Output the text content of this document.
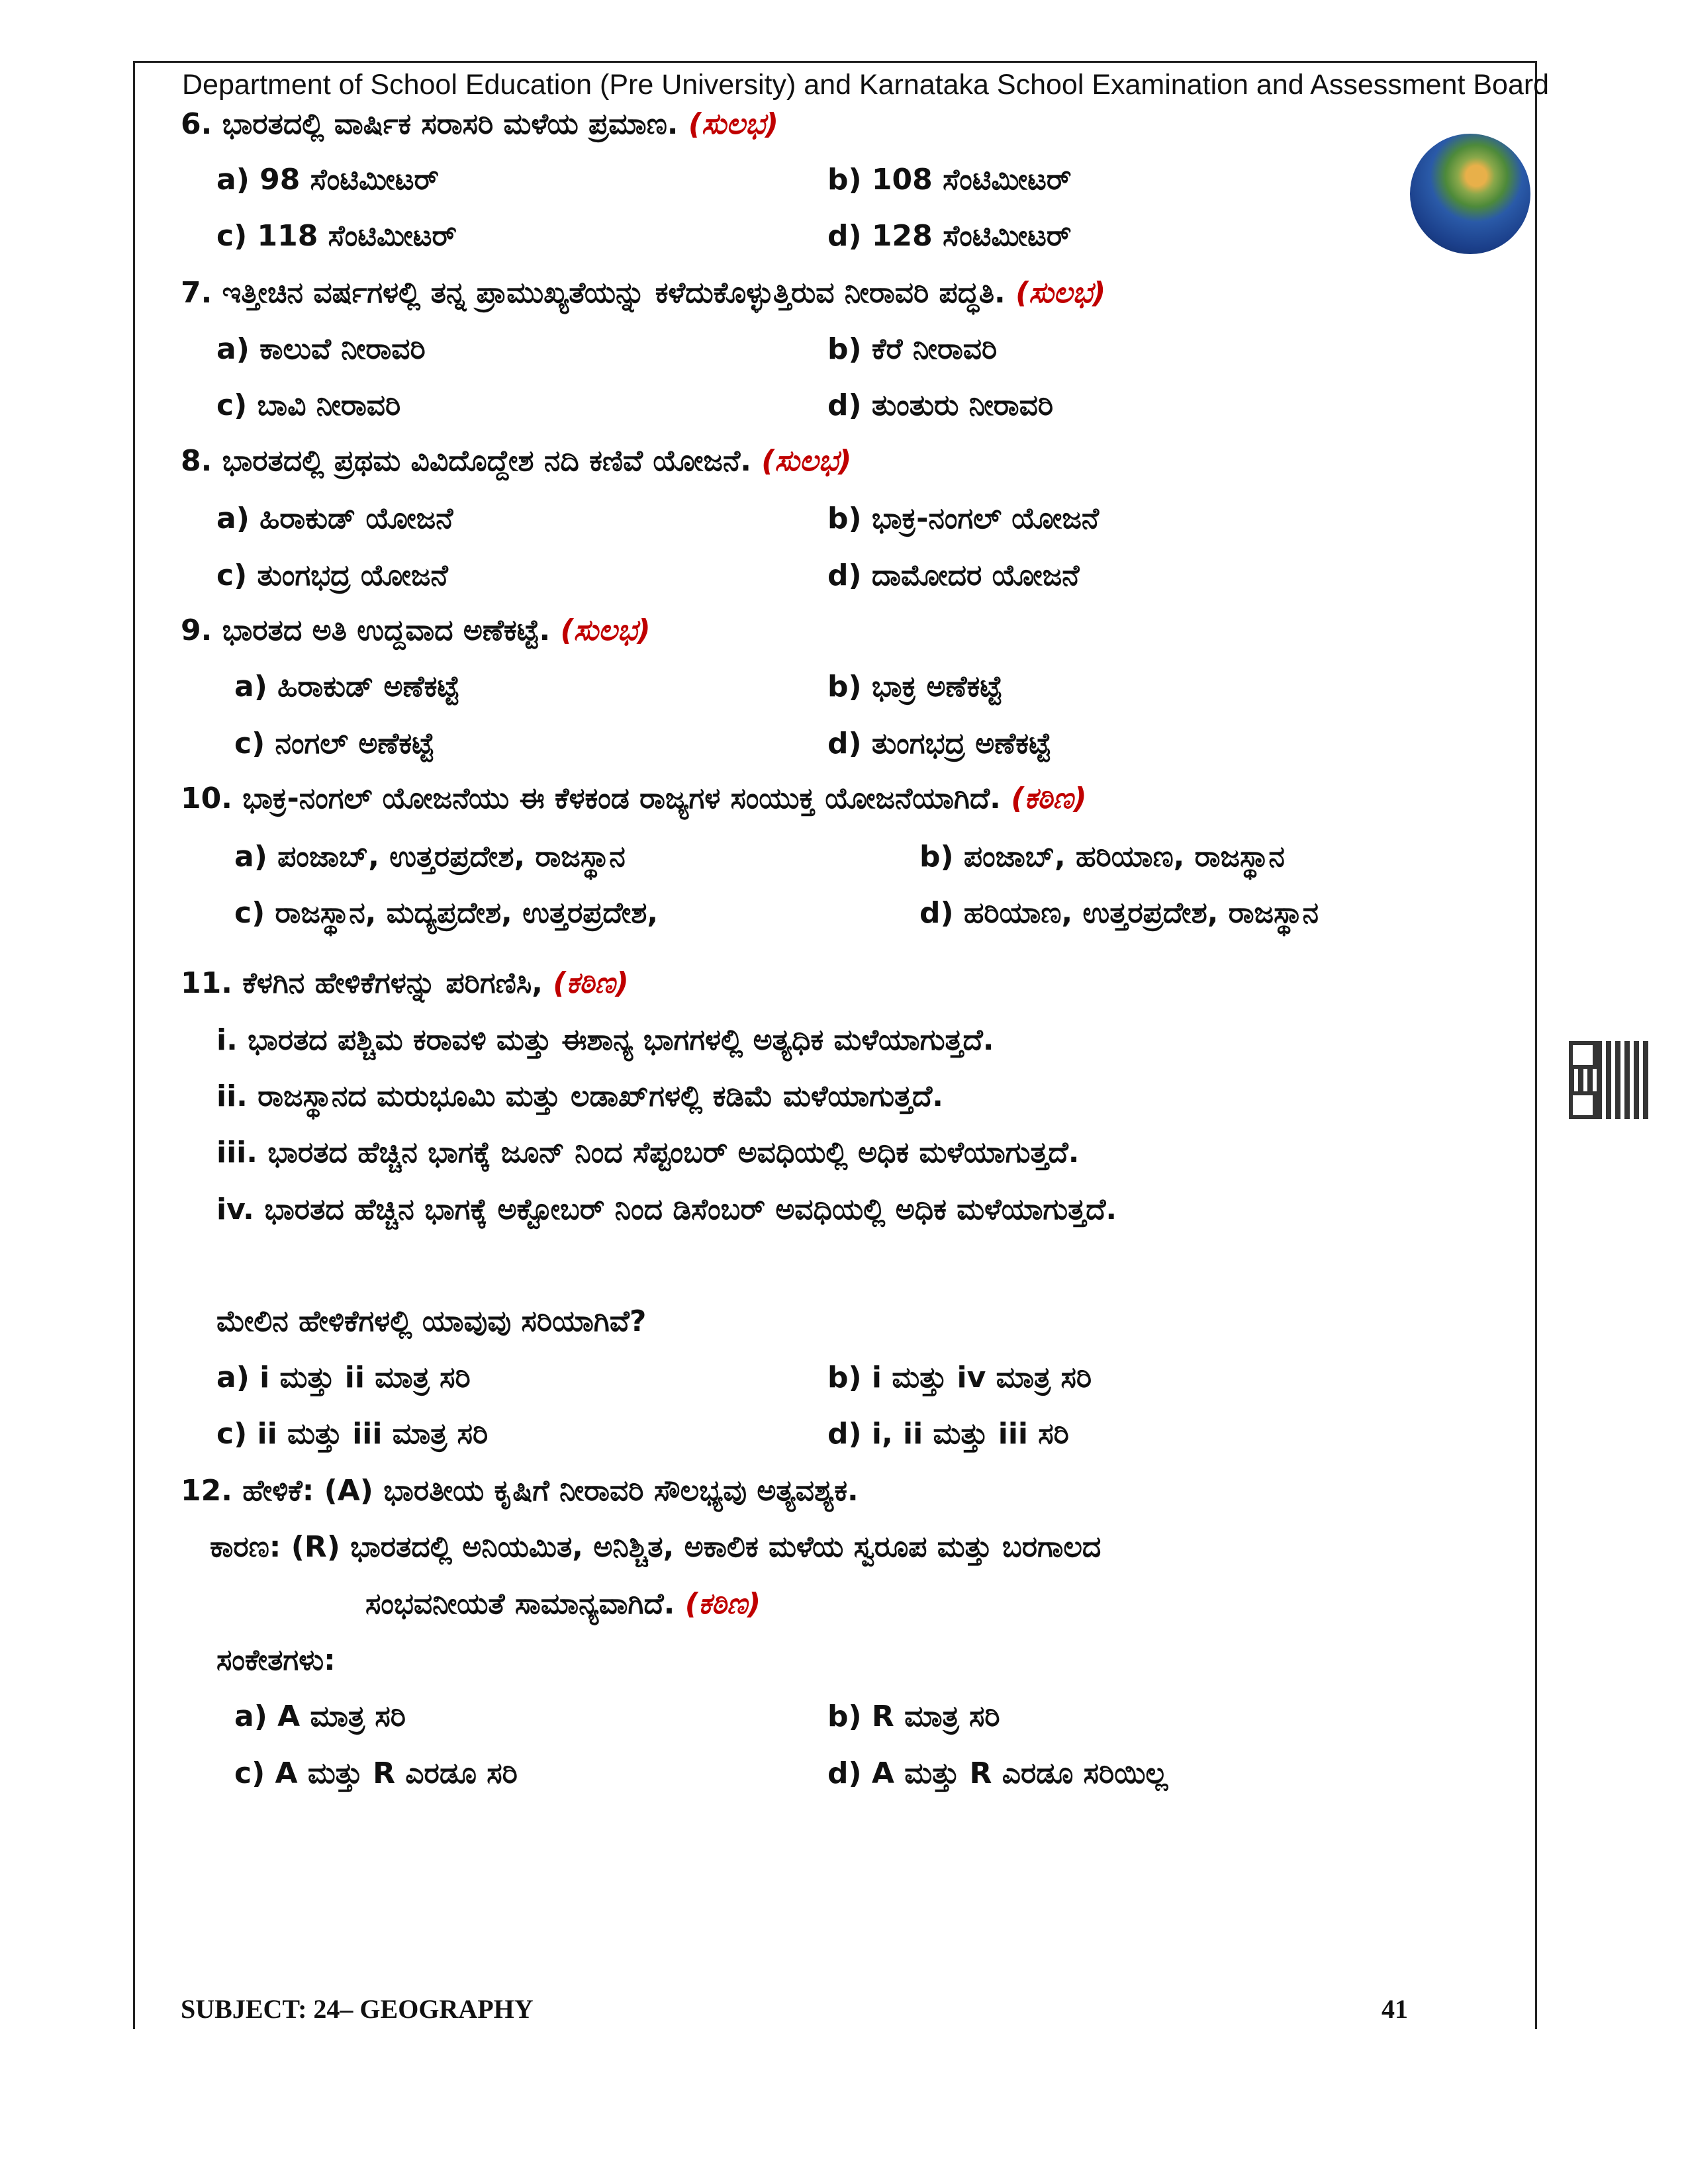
Department of School Education (Pre University) and Karnataka School Examination and Assessment Board
6. ಭಾರತದಲ್ಲಿ ವಾರ್ಷಿಕ ಸರಾಸರಿ ಮಳೆಯ ಪ್ರಮಾಣ. (ಸುಲಭ)
a) 98 ಸೆಂಟಿಮೀಟರ್	b) 108 ಸೆಂಟಿಮೀಟರ್
c) 118 ಸೆಂಟಿಮೀಟರ್	d) 128 ಸೆಂಟಿಮೀಟರ್
7. ಇತ್ತೀಚಿನ ವರ್ಷಗಳಲ್ಲಿ ತನ್ನ ಪ್ರಾಮುಖ್ಯತೆಯನ್ನು ಕಳೆದುಕೊಳ್ಳುತ್ತಿರುವ ನೀರಾವರಿ ಪದ್ಧತಿ. (ಸುಲಭ)
a) ಕಾಲುವೆ ನೀರಾವರಿ	b) ಕೆರೆ ನೀರಾವರಿ
c) ಬಾವಿ ನೀರಾವರಿ	d) ತುಂತುರು ನೀರಾವರಿ
8. ಭಾರತದಲ್ಲಿ ಪ್ರಥಮ ವಿವಿದೊದ್ದೇಶ ನದಿ ಕಣಿವೆ ಯೋಜನೆ. (ಸುಲಭ)
a) ಹಿರಾಕುಡ್ ಯೋಜನೆ	b) ಭಾಕ್ರ-ನಂಗಲ್ ಯೋಜನೆ
c) ತುಂಗಭದ್ರ ಯೋಜನೆ	d) ದಾಮೋದರ ಯೋಜನೆ
9. ಭಾರತದ ಅತಿ ಉದ್ದವಾದ ಅಣೆಕಟ್ಟೆ. (ಸುಲಭ)
a) ಹಿರಾಕುಡ್ ಅಣೆಕಟ್ಟೆ	b) ಭಾಕ್ರ ಅಣೆಕಟ್ಟೆ
c) ನಂಗಲ್ ಅಣೆಕಟ್ಟೆ	d) ತುಂಗಭದ್ರ ಅಣೆಕಟ್ಟೆ
10. ಭಾಕ್ರ-ನಂಗಲ್ ಯೋಜನೆಯು ಈ ಕೆಳಕಂಡ ರಾಜ್ಯಗಳ ಸಂಯುಕ್ತ ಯೋಜನೆಯಾಗಿದೆ. (ಕಠಿಣ)
a) ಪಂಜಾಬ್, ಉತ್ತರಪ್ರದೇಶ, ರಾಜಸ್ಥಾನ	b) ಪಂಜಾಬ್, ಹರಿಯಾಣ, ರಾಜಸ್ಥಾನ
c) ರಾಜಸ್ಥಾನ, ಮದ್ಯಪ್ರದೇಶ, ಉತ್ತರಪ್ರದೇಶ,	d) ಹರಿಯಾಣ, ಉತ್ತರಪ್ರದೇಶ, ರಾಜಸ್ಥಾನ
11. ಕೆಳಗಿನ ಹೇಳಿಕೆಗಳನ್ನು ಪರಿಗಣಿಸಿ, (ಕಠಿಣ)
i. ಭಾರತದ ಪಶ್ಚಿಮ ಕರಾವಳಿ ಮತ್ತು ಈಶಾನ್ಯ ಭಾಗಗಳಲ್ಲಿ ಅತ್ಯಧಿಕ ಮಳೆಯಾಗುತ್ತದೆ.
ii. ರಾಜಸ್ಥಾನದ ಮರುಭೂಮಿ ಮತ್ತು ಲಡಾಖ್‌ಗಳಲ್ಲಿ ಕಡಿಮೆ ಮಳೆಯಾಗುತ್ತದೆ.
iii. ಭಾರತದ ಹೆಚ್ಚಿನ ಭಾಗಕ್ಕೆ ಜೂನ್ ನಿಂದ ಸೆಪ್ಟಂಬರ್ ಅವಧಿಯಲ್ಲಿ ಅಧಿಕ ಮಳೆಯಾಗುತ್ತದೆ.
iv. ಭಾರತದ ಹೆಚ್ಚಿನ ಭಾಗಕ್ಕೆ ಅಕ್ಟೋಬರ್ ನಿಂದ ಡಿಸೆಂಬರ್ ಅವಧಿಯಲ್ಲಿ ಅಧಿಕ ಮಳೆಯಾಗುತ್ತದೆ.
ಮೇಲಿನ ಹೇಳಿಕೆಗಳಲ್ಲಿ ಯಾವುವು ಸರಿಯಾಗಿವೆ?
a) i ಮತ್ತು ii ಮಾತ್ರ ಸರಿ	b) i ಮತ್ತು iv ಮಾತ್ರ ಸರಿ
c) ii ಮತ್ತು iii ಮಾತ್ರ ಸರಿ	d) i, ii ಮತ್ತು iii ಸರಿ
12. ಹೇಳಿಕೆ: (A) ಭಾರತೀಯ ಕೃಷಿಗೆ ನೀರಾವರಿ ಸೌಲಭ್ಯವು ಅತ್ಯವಶ್ಯಕ.
ಕಾರಣ: (R) ಭಾರತದಲ್ಲಿ ಅನಿಯಮಿತ, ಅನಿಶ್ಚಿತ, ಅಕಾಲಿಕ ಮಳೆಯ ಸ್ವರೂಪ ಮತ್ತು ಬರಗಾಲದ
ಸಂಭವನೀಯತೆ ಸಾಮಾನ್ಯವಾಗಿದೆ. (ಕಠಿಣ)
ಸಂಕೇತಗಳು:
a) A ಮಾತ್ರ ಸರಿ	b) R ಮಾತ್ರ ಸರಿ
c) A ಮತ್ತು R ಎರಡೂ ಸರಿ	d) A ಮತ್ತು R ಎರಡೂ ಸರಿಯಿಲ್ಲ
SUBJECT: 24– GEOGRAPHY	41
